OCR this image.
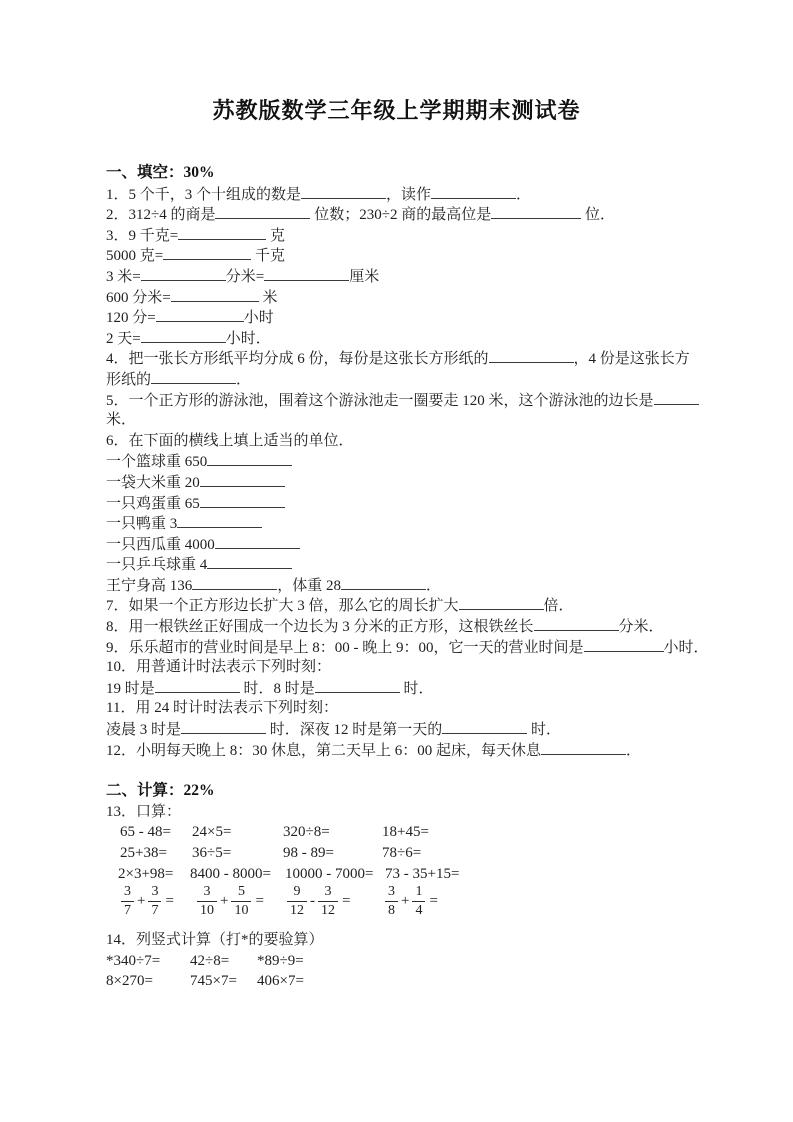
苏教版数学三年级上学期期末测试卷
一、填空：30%
1．5 个千，3 个十组成的数是	，读作	．
2．312÷4 的商是	位数；230÷2 商的最高位是	位．
3．9 千克=	克
5000 克=	千克
3 米=	分米=	厘米
600 分米=	米
120 分=	小时
2 天=	小时．
4．把一张长方形纸平均分成 6 份，每份是这张长方形纸的	，4 份是这张长方
形纸的	．
5．一个正方形的游泳池，围着这个游泳池走一圈要走 120 米，这个游泳池的边长是
米．
6．在下面的横线上填上适当的单位．
一个篮球重 650
一袋大米重 20
一只鸡蛋重 65
一只鸭重 3
一只西瓜重 4000
一只乒乓球重 4
王宁身高 136	，体重 28	．
7．如果一个正方形边长扩大 3 倍，那么它的周长扩大	倍．
8．用一根铁丝正好围成一个边长为 3 分米的正方形，这根铁丝长	分米．
9．乐乐超市的营业时间是早上 8：00 - 晚上 9：00，它一天的营业时间是	小时．
10．用普通计时法表示下列时刻：
19 时是	时．8 时是	时．
11．用 24 时计时法表示下列时刻：
凌晨 3 时是	时．深夜 12 时是第一天的	时．
12．小明每天晚上 8：30 休息，第二天早上 6：00 起床，每天休息	．
二、计算：22%
13．口算：
65 - 48= 24×5=	320÷8=	18+45=
25+38= 36÷5=	98 - 89=	78÷6=
2×3+98= 8400 - 8000= 10000 - 7000= 73 - 35+15=
$\frac{3}{7} + \frac{3}{7} = \frac{3}{10} + \frac{5}{10} = \frac{9}{12} - \frac{3}{12} = \frac{3}{8} + \frac{1}{4}$ =
14．列竖式计算（打*的要验算）
*340÷7= 42÷8= *89÷9=
8×270= 745×7= 406×7=
